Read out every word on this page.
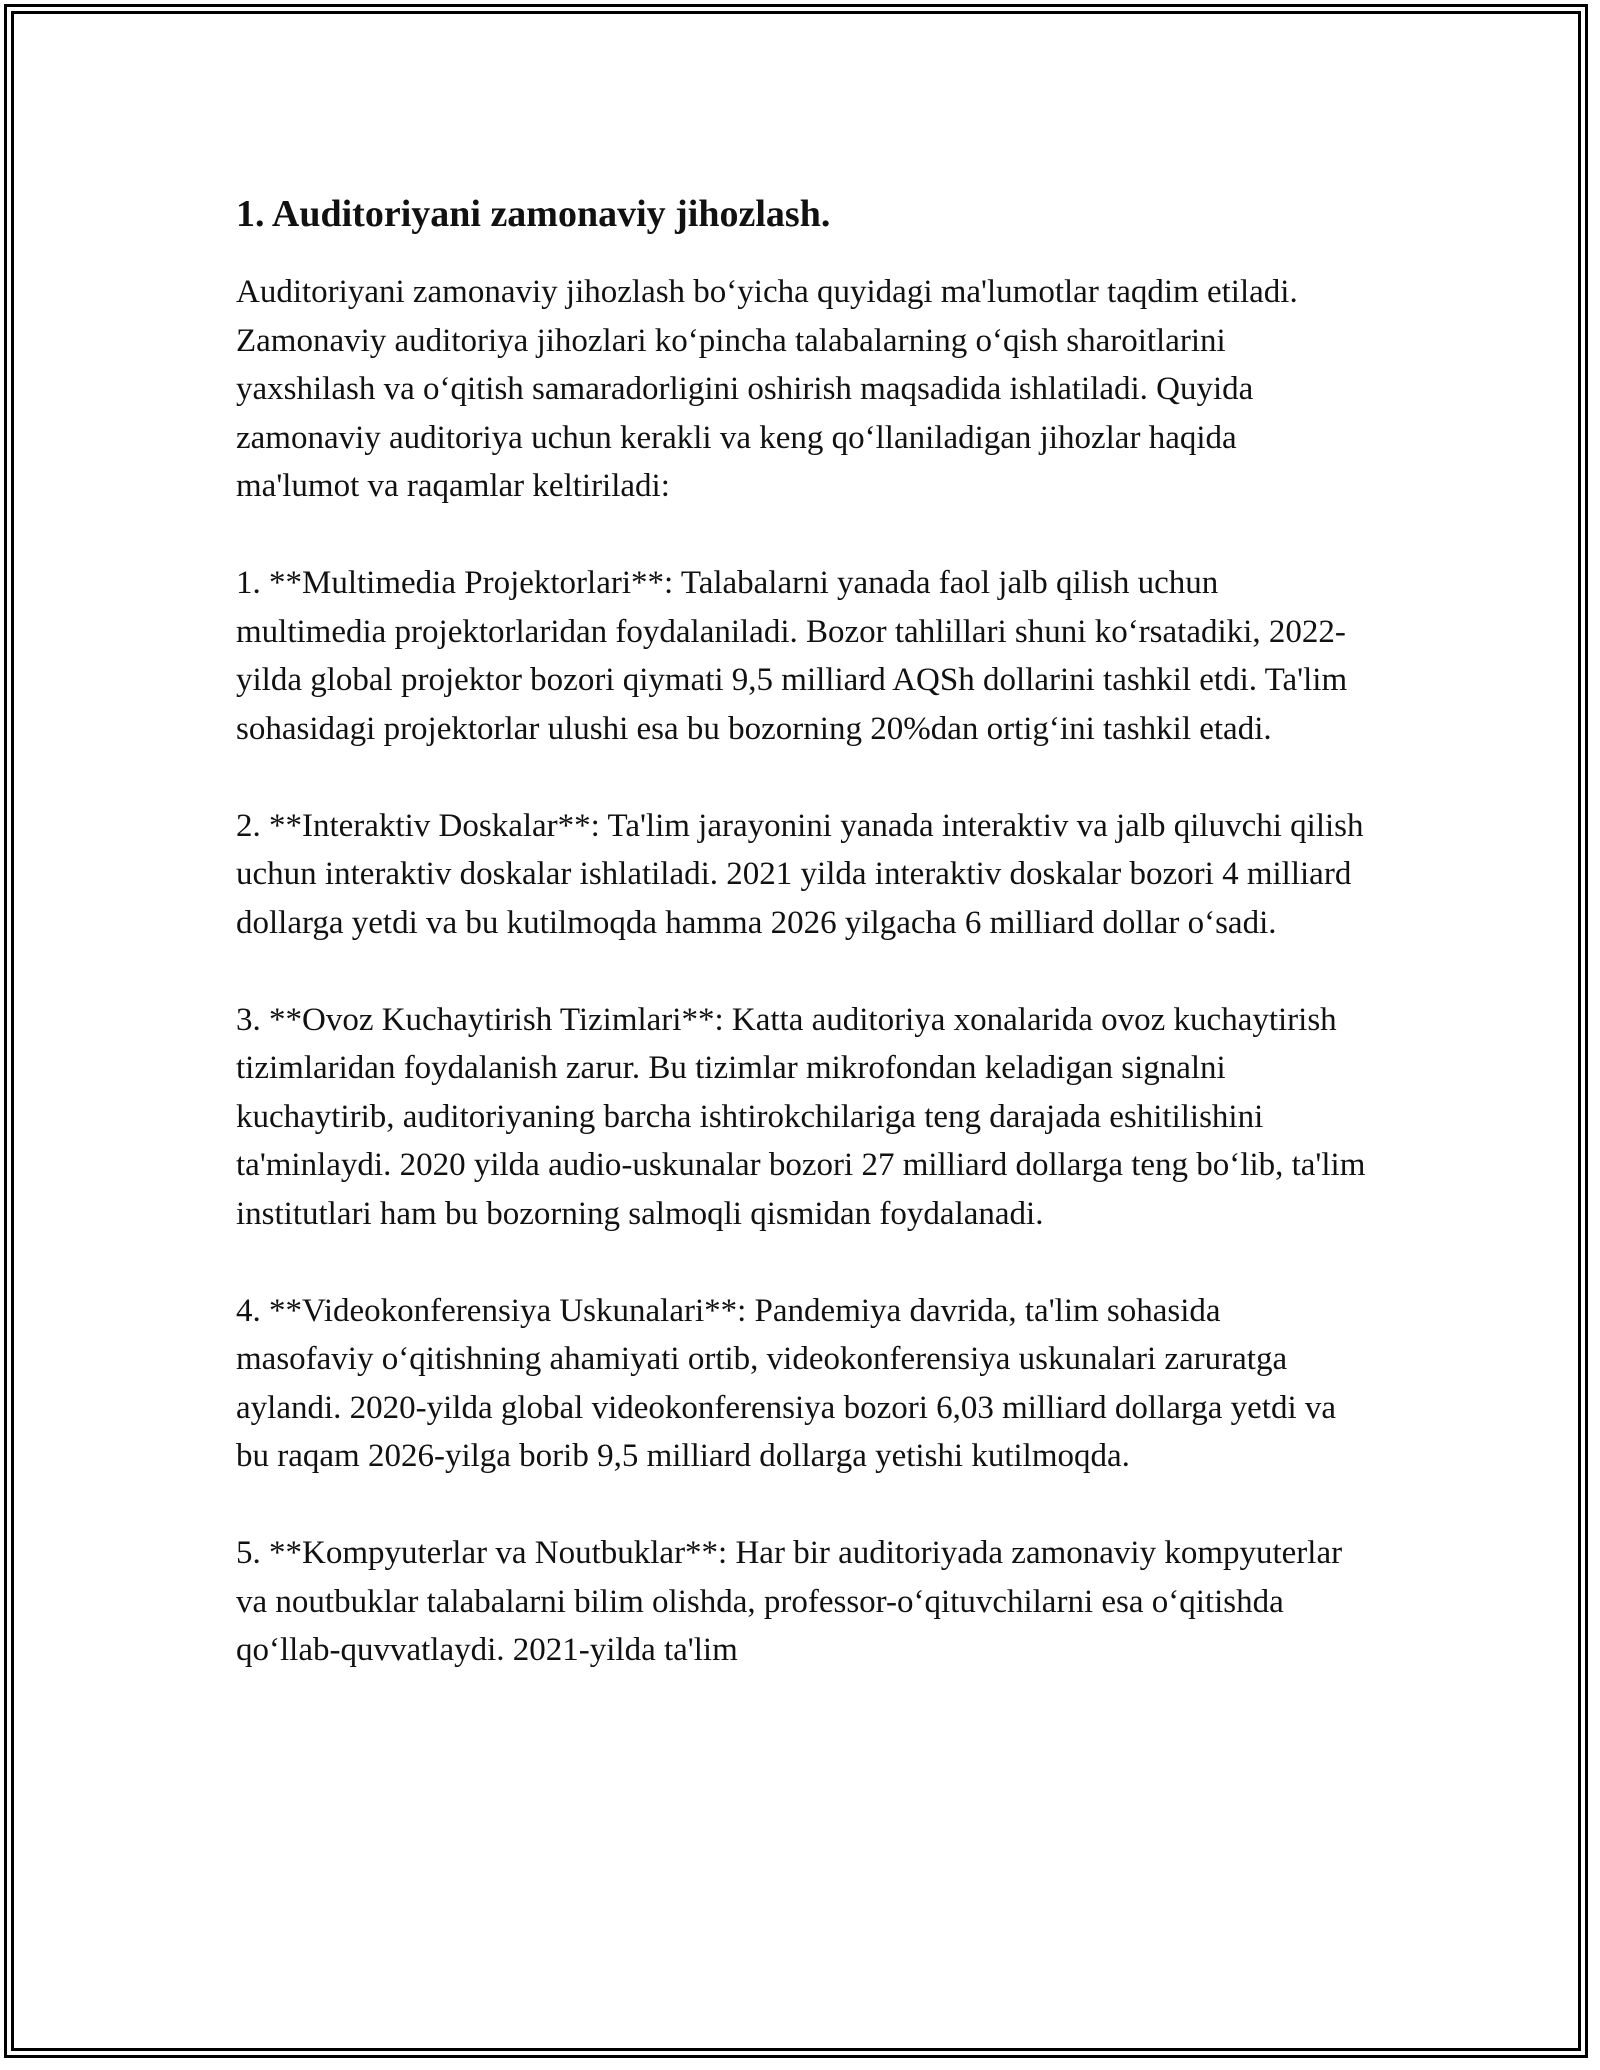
1. Auditoriyani zamonaviy jihozlash.

Auditoriyani zamonaviy jihozlash bo‘yicha quyidagi ma'lumotlar taqdim etiladi. Zamonaviy auditoriya jihozlari ko‘pincha talabalarning o‘qish sharoitlarini yaxshilash va o‘qitish samaradorligini oshirish maqsadida ishlatiladi. Quyida zamonaviy auditoriya uchun kerakli va keng qo‘llaniladigan jihozlar haqida ma'lumot va raqamlar keltiriladi:

1. **Multimedia Projektorlari**: Talabalarni yanada faol jalb qilish uchun multimedia projektorlaridan foydalaniladi. Bozor tahlillari shuni ko‘rsatadiki, 2022-yilda global projektor bozori qiymati 9,5 milliard AQSh dollarini tashkil etdi. Ta'lim sohasidagi projektorlar ulushi esa bu bozorning 20%dan ortig‘ini tashkil etadi.

2. **Interaktiv Doskalar**: Ta'lim jarayonini yanada interaktiv va jalb qiluvchi qilish uchun interaktiv doskalar ishlatiladi. 2021 yilda interaktiv doskalar bozori 4 milliard dollarga yetdi va bu kutilmoqda hamma 2026 yilgacha 6 milliard dollar o‘sadi.

3. **Ovoz Kuchaytirish Tizimlari**: Katta auditoriya xonalarida ovoz kuchaytirish tizimlaridan foydalanish zarur. Bu tizimlar mikrofondan keladigan signalni kuchaytirib, auditoriyaning barcha ishtirokchilariga teng darajada eshitilishini ta'minlaydi. 2020 yilda audio-uskunalar bozori 27 milliard dollarga teng bo‘lib, ta'lim institutlari ham bu bozorning salmoqli qismidan foydalanadi.

4. **Videokonferensiya Uskunalari**: Pandemiya davrida, ta'lim sohasida masofaviy o‘qitishning ahamiyati ortib, videokonferensiya uskunalari zaruratga aylandi. 2020-yilda global videokonferensiya bozori 6,03 milliard dollarga yetdi va bu raqam 2026-yilga borib 9,5 milliard dollarga yetishi kutilmoqda.

5. **Kompyuterlar va Noutbuklar**: Har bir auditoriyada zamonaviy kompyuterlar va noutbuklar talabalarni bilim olishda, professor-o‘qituvchilarni esa o‘qitishda qo‘llab-quvvatlaydi. 2021-yilda ta'lim
